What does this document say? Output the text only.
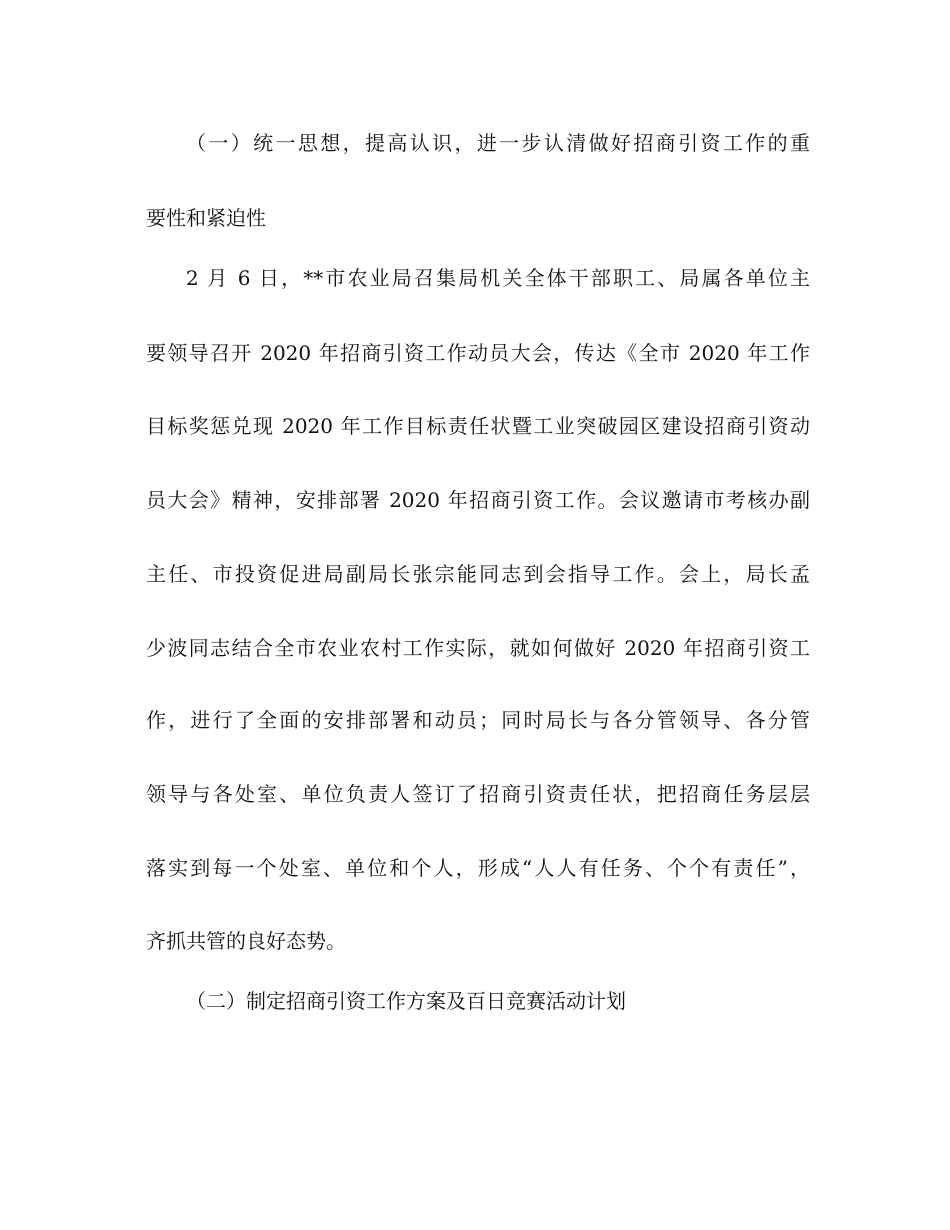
（一）统一思想，提高认识，进一步认清做好招商引资工作的重
要性和紧迫性
2 月 6 日，**市农业局召集局机关全体干部职工、局属各单位主
要领导召开 2020 年招商引资工作动员大会，传达《全市 2020 年工作
目标奖惩兑现 2020 年工作目标责任状暨工业突破园区建设招商引资动
员大会》精神，安排部署 2020 年招商引资工作。会议邀请市考核办副
主任、市投资促进局副局长张宗能同志到会指导工作。会上，局长孟
少波同志结合全市农业农村工作实际，就如何做好 2020 年招商引资工
作，进行了全面的安排部署和动员；同时局长与各分管领导、各分管
领导与各处室、单位负责人签订了招商引资责任状，把招商任务层层
落实到每一个处室、单位和个人，形成“人人有任务、个个有责任”，
齐抓共管的良好态势。
（二）制定招商引资工作方案及百日竞赛活动计划
